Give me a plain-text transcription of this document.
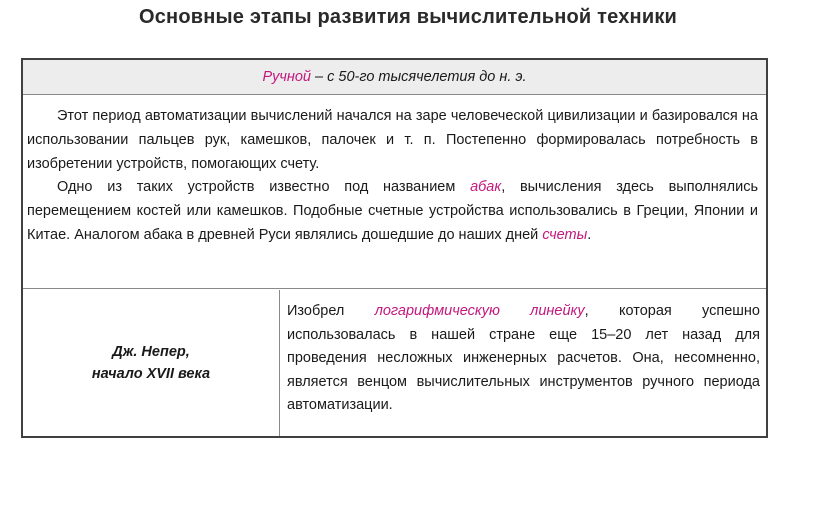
Основные этапы развития вычислительной техники
Ручной – с 50-го тысячелетия до н. э.

Этот период автоматизации вычислений начался на заре человеческой цивилизации и базировался на использовании пальцев рук, камешков, палочек и т. п. Постепенно формировалась потребность в изобретении устройств, помогающих счету.

Одно из таких устройств известно под названием абак, вычисления здесь выполнялись перемещением костей или камешков. Подобные счетные устройства использовались в Греции, Японии и Китае. Аналогом абака в древней Руси являлись дошедшие до наших дней счеты.

Дж. Непер,
начало XVII века
Изобрел логарифмическую линейку, которая успешно использовалась в нашей стране еще 15–20 лет назад для проведения несложных инженерных расчетов. Она, несомненно, является венцом вычислительных инструментов ручного периода автоматизации.
